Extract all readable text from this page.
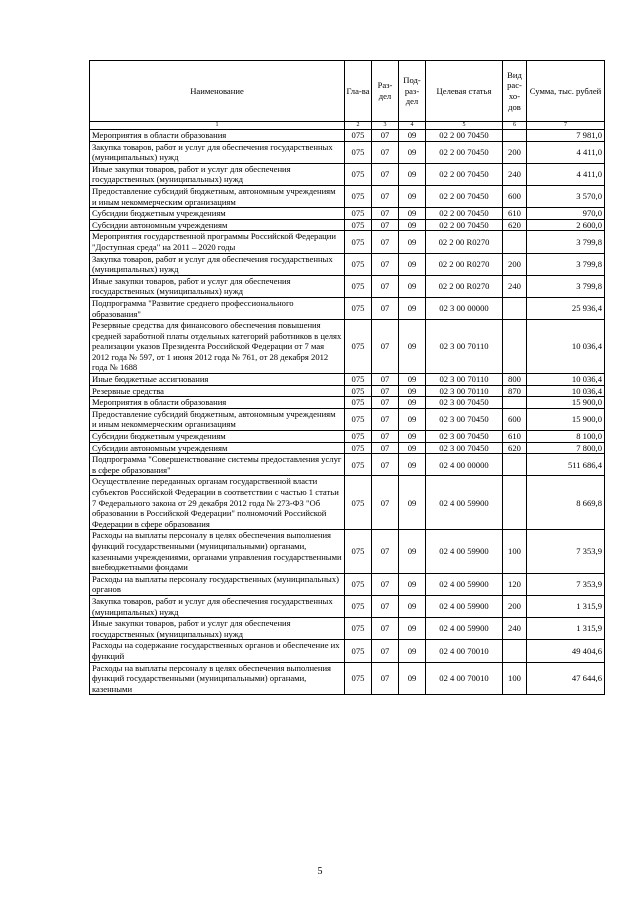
Наименование	Гла-ва	Раз-дел	Под-раз-дел	Целевая статья	Вид рас-хо-дов	Сумма, тыс. рублей
1	2	3	4	5	6	7
Мероприятия в области образования	075	07	09	02 2 00 70450		7 981,0
Закупка товаров, работ и услуг для обеспечения государственных (муниципальных) нужд	075	07	09	02 2 00 70450	200	4 411,0
Иные закупки товаров, работ и услуг для обеспечения государственных (муниципальных) нужд	075	07	09	02 2 00 70450	240	4 411,0
Предоставление субсидий бюджетным, автономным учреждениям и иным некоммерческим организациям	075	07	09	02 2 00 70450	600	3 570,0
Субсидии бюджетным учреждениям	075	07	09	02 2 00 70450	610	970,0
Субсидии автономным учреждениям	075	07	09	02 2 00 70450	620	2 600,0
Мероприятия государственной программы Российской Федерации "Доступная среда" на 2011 – 2020 годы	075	07	09	02 2 00 R0270		3 799,8
Закупка товаров, работ и услуг для обеспечения государственных (муниципальных) нужд	075	07	09	02 2 00 R0270	200	3 799,8
Иные закупки товаров, работ и услуг для обеспечения государственных (муниципальных) нужд	075	07	09	02 2 00 R0270	240	3 799,8
Подпрограмма "Развитие среднего профессионального образования"	075	07	09	02 3 00 00000		25 936,4
Резервные средства для финансового обеспечения повышения средней заработной платы отдельных категорий работников в целях реализации указов Президента Российской Федерации от 7 мая 2012 года № 597, от 1 июня 2012 года № 761, от 28 декабря 2012 года № 1688	075	07	09	02 3 00 70110		10 036,4
Иные бюджетные ассигнования	075	07	09	02 3 00 70110	800	10 036,4
Резервные средства	075	07	09	02 3 00 70110	870	10 036,4
Мероприятия в области образования	075	07	09	02 3 00 70450		15 900,0
Предоставление субсидий бюджетным, автономным учреждениям и иным некоммерческим организациям	075	07	09	02 3 00 70450	600	15 900,0
Субсидии бюджетным учреждениям	075	07	09	02 3 00 70450	610	8 100,0
Субсидии автономным учреждениям	075	07	09	02 3 00 70450	620	7 800,0
Подпрограмма "Совершенствование системы предоставления услуг в сфере образования"	075	07	09	02 4 00 00000		511 686,4
Осуществление переданных органам государственной власти субъектов Российской Федерации в соответствии с частью 1 статьи 7 Федерального закона от 29 декабря 2012 года № 273-ФЗ "Об образовании в Российской Федерации" полномочий Российской Федерации в сфере образования	075	07	09	02 4 00 59900		8 669,8
Расходы на выплаты персоналу в целях обеспечения выполнения функций государственными (муниципальными) органами, казенными учреждениями, органами управления государственными внебюджетными фондами	075	07	09	02 4 00 59900	100	7 353,9
Расходы на выплаты персоналу государственных (муниципальных) органов	075	07	09	02 4 00 59900	120	7 353,9
Закупка товаров, работ и услуг для обеспечения государственных (муниципальных) нужд	075	07	09	02 4 00 59900	200	1 315,9
Иные закупки товаров, работ и услуг для обеспечения государственных (муниципальных) нужд	075	07	09	02 4 00 59900	240	1 315,9
Расходы на содержание государственных органов и обеспечение их функций	075	07	09	02 4 00 70010		49 404,6
Расходы на выплаты персоналу в целях обеспечения выполнения функций государственными (муниципальными) органами, казенными	075	07	09	02 4 00 70010	100	47 644,6
5
